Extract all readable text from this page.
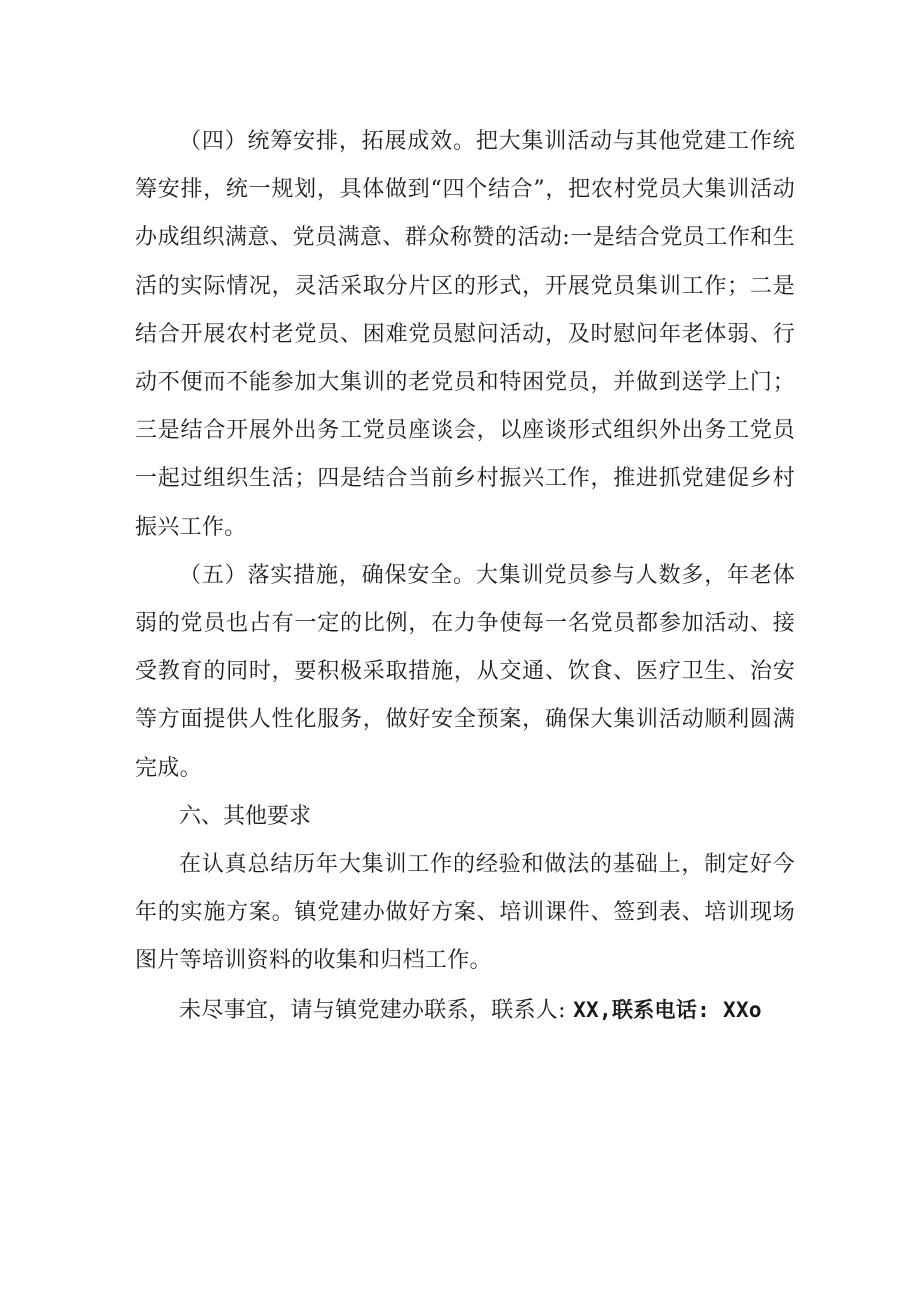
（四）统筹安排，拓展成效。把大集训活动与其他党建工作统筹安排，统一规划，具体做到“四个结合”，把农村党员大集训活动办成组织满意、党员满意、群众称赞的活动:一是结合党员工作和生活的实际情况，灵活采取分片区的形式，开展党员集训工作；二是结合开展农村老党员、困难党员慰问活动，及时慰问年老体弱、行动不便而不能参加大集训的老党员和特困党员，并做到送学上门；三是结合开展外出务工党员座谈会，以座谈形式组织外出务工党员一起过组织生活；四是结合当前乡村振兴工作，推进抓党建促乡村振兴工作。

（五）落实措施，确保安全。大集训党员参与人数多，年老体弱的党员也占有一定的比例，在力争使每一名党员都参加活动、接受教育的同时，要积极采取措施，从交通、饮食、医疗卫生、治安等方面提供人性化服务，做好安全预案，确保大集训活动顺利圆满完成。

六、其他要求

在认真总结历年大集训工作的经验和做法的基础上，制定好今年的实施方案。镇党建办做好方案、培训课件、签到表、培训现场图片等培训资料的收集和归档工作。

未尽事宜，请与镇党建办联系，联系人: XX,联系电话: XXo
